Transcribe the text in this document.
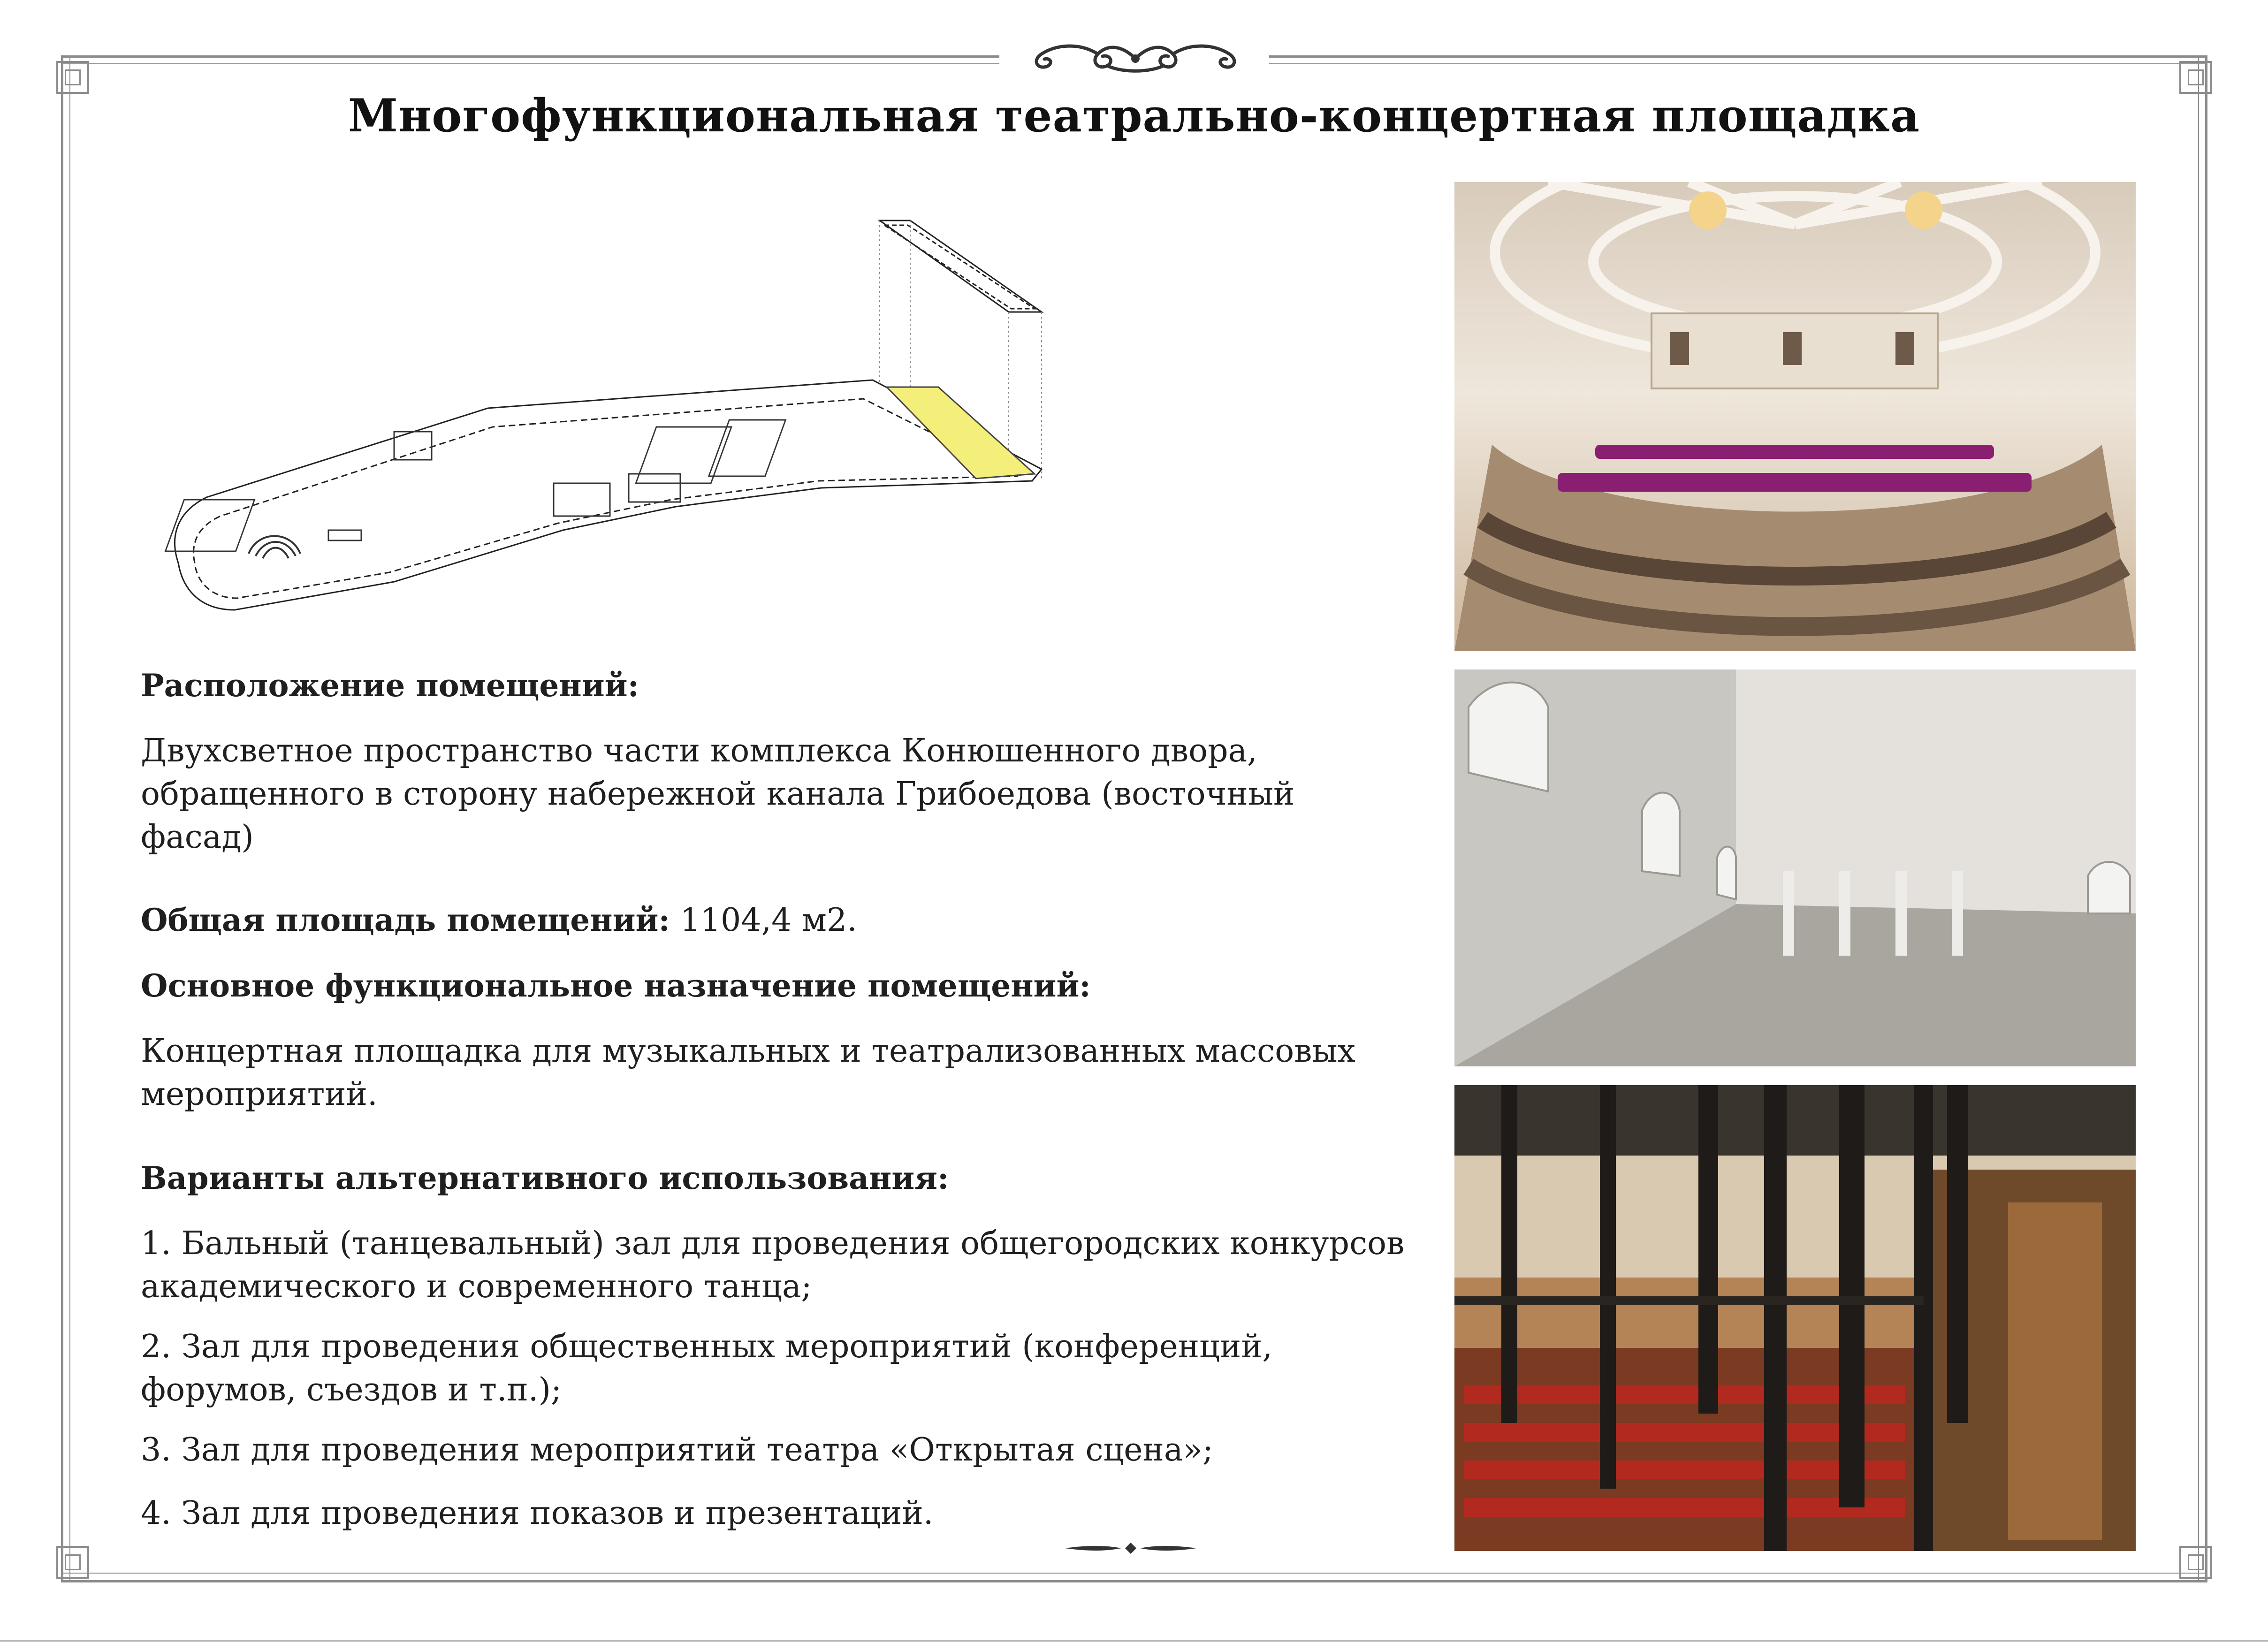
Многофункциональная театрально-концертная площадка

Расположение помещений:

Двухсветное пространство части комплекса Конюшенного двора, обращенного в сторону набережной канала Грибоедова (восточный фасад)

Общая площадь помещений: 1104,4 м2.

Основное функциональное назначение помещений:

Концертная площадка для музыкальных и театрализованных массовых мероприятий.

Варианты альтернативного использования:

1. Бальный (танцевальный) зал для проведения общегородских конкурсов академического и современного танца;

2. Зал для проведения общественных мероприятий (конференций, форумов, съездов и т.п.);

3. Зал для проведения мероприятий театра «Открытая сцена»;

4. Зал для проведения показов и презентаций.
